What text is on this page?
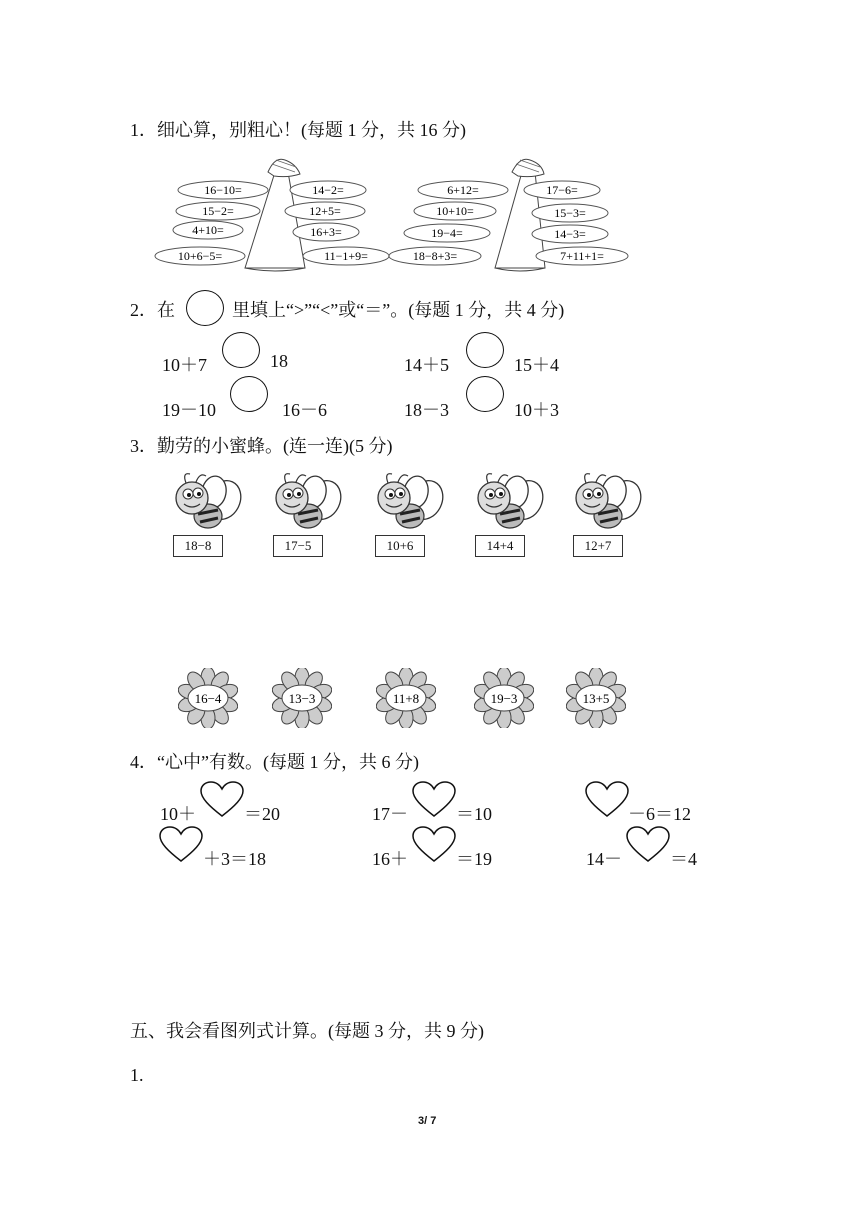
1．细心算，别粗心！(每题 1 分，共 16 分)
16−10=	14−2=
15−2=	12+5=
4+10=	16+3=
10+6−5=	11−1+9=
6+12=	17−6=
10+10=	15−3=
19−4=	14−3=
18−8+3=	7+11+1=
2．在	里填上“>”“<”或“＝”。(每题 1 分，共 4 分)
10＋7	18	14＋5	15＋4
19－10	16－6	18－3	10＋3
3．勤劳的小蜜蜂。(连一连)(5 分)
18−8	17−5	10+6	14+4	12+7
16−4	13−3	11+8	19−3	13+5
4．“心中”有数。(每题 1 分，共 6 分)
10＋	＝20	17－	＝10	－6＝12
＋3＝18	16＋	＝19	14－	＝4
五、我会看图列式计算。(每题 3 分，共 9 分)
1.
3/ 7
